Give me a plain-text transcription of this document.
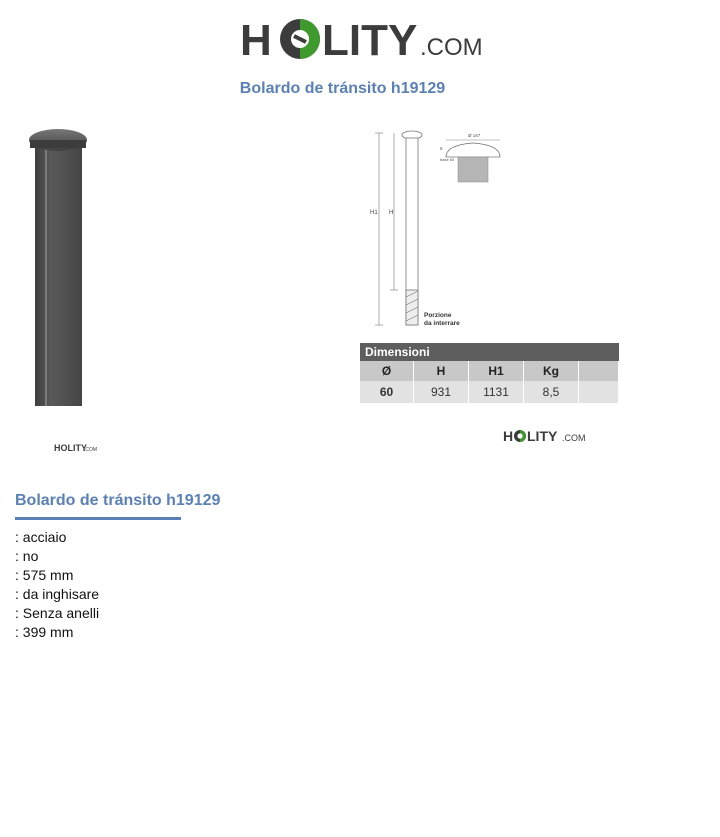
H LITY .COM
Bolardo de tránsito h19129
HOLITY
.COM
H1 H
Porzione
da interrare
Ø 167
5
base 60
Dimensioni				
Ø	H	H1	Kg	
60	931	1131	8,5	
H LITY .COM
Bolardo de tránsito h19129
: acciaio
: no
: 575 mm
: da inghisare
: Senza anelli
: 399 mm
